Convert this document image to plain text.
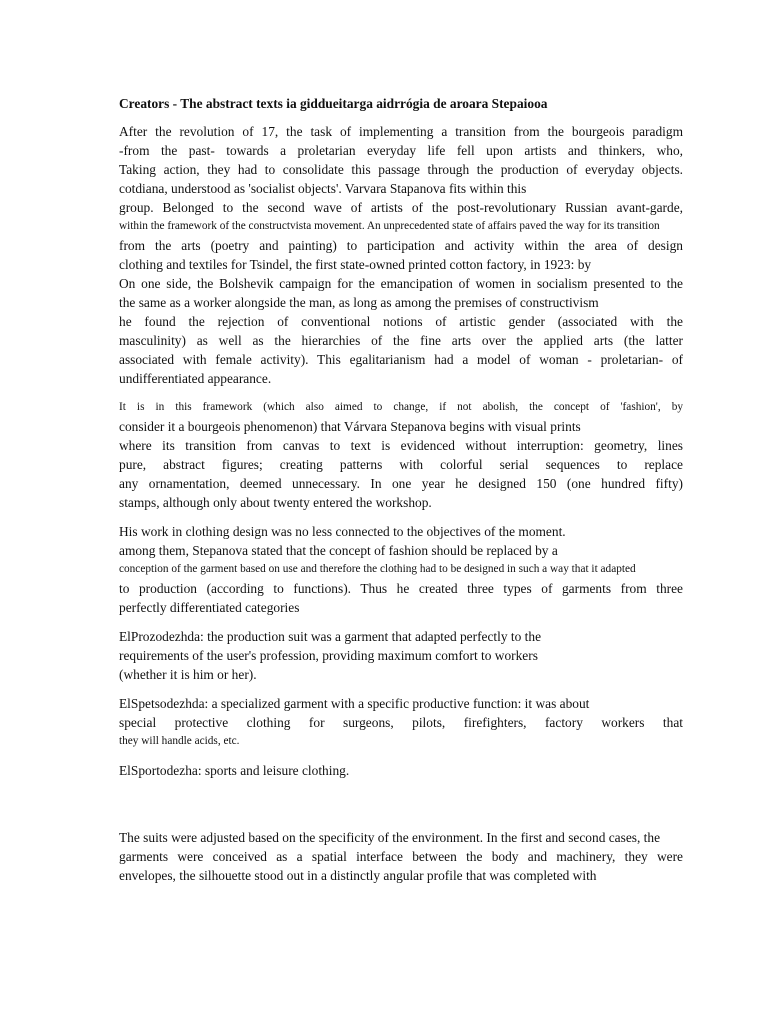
Creators - The abstract texts ia giddueitarga aidrrógia de aroara Stepaiooa
After the revolution of 17, the task of implementing a transition from the bourgeois paradigm
-from the past- towards a proletarian everyday life fell upon artists and thinkers, who,
Taking action, they had to consolidate this passage through the production of everyday objects.
cotdiana, understood as 'socialist objects'. Varvara Stapanova fits within this
group. Belonged to the second wave of artists of the post-revolutionary Russian avant-garde,
within the framework of the constructvista movement. An unprecedented state of affairs paved the way for its transition
from the arts (poetry and painting) to participation and activity within the area of design
clothing and textiles for Tsindel, the first state-owned printed cotton factory, in 1923: by
On one side, the Bolshevik campaign for the emancipation of women in socialism presented to the
the same as a worker alongside the man, as long as among the premises of constructivism
he found the rejection of conventional notions of artistic gender (associated with the
masculinity) as well as the hierarchies of the fine arts over the applied arts (the latter
associated with female activity). This egalitarianism had a model of woman - proletarian- of
undifferentiated appearance.
It is in this framework (which also aimed to change, if not abolish, the concept of 'fashion', by
consider it a bourgeois phenomenon) that Várvara Stepanova begins with visual prints
where its transition from canvas to text is evidenced without interruption: geometry, lines
pure, abstract figures; creating patterns with colorful serial sequences to replace
any ornamentation, deemed unnecessary. In one year he designed 150 (one hundred fifty)
stamps, although only about twenty entered the workshop.
His work in clothing design was no less connected to the objectives of the moment.
among them, Stepanova stated that the concept of fashion should be replaced by a
conception of the garment based on use and therefore the clothing had to be designed in such a way that it adapted
to production (according to functions). Thus he created three types of garments from three
perfectly differentiated categories
ElProzodezhda: the production suit was a garment that adapted perfectly to the
requirements of the user's profession, providing maximum comfort to workers
(whether it is him or her).
ElSpetsodezhda: a specialized garment with a specific productive function: it was about
special protective clothing for surgeons, pilots, firefighters, factory workers that
they will handle acids, etc.
ElSportodezha: sports and leisure clothing.
The suits were adjusted based on the specificity of the environment. In the first and second cases, the
garments were conceived as a spatial interface between the body and machinery, they were
envelopes, the silhouette stood out in a distinctly angular profile that was completed with
